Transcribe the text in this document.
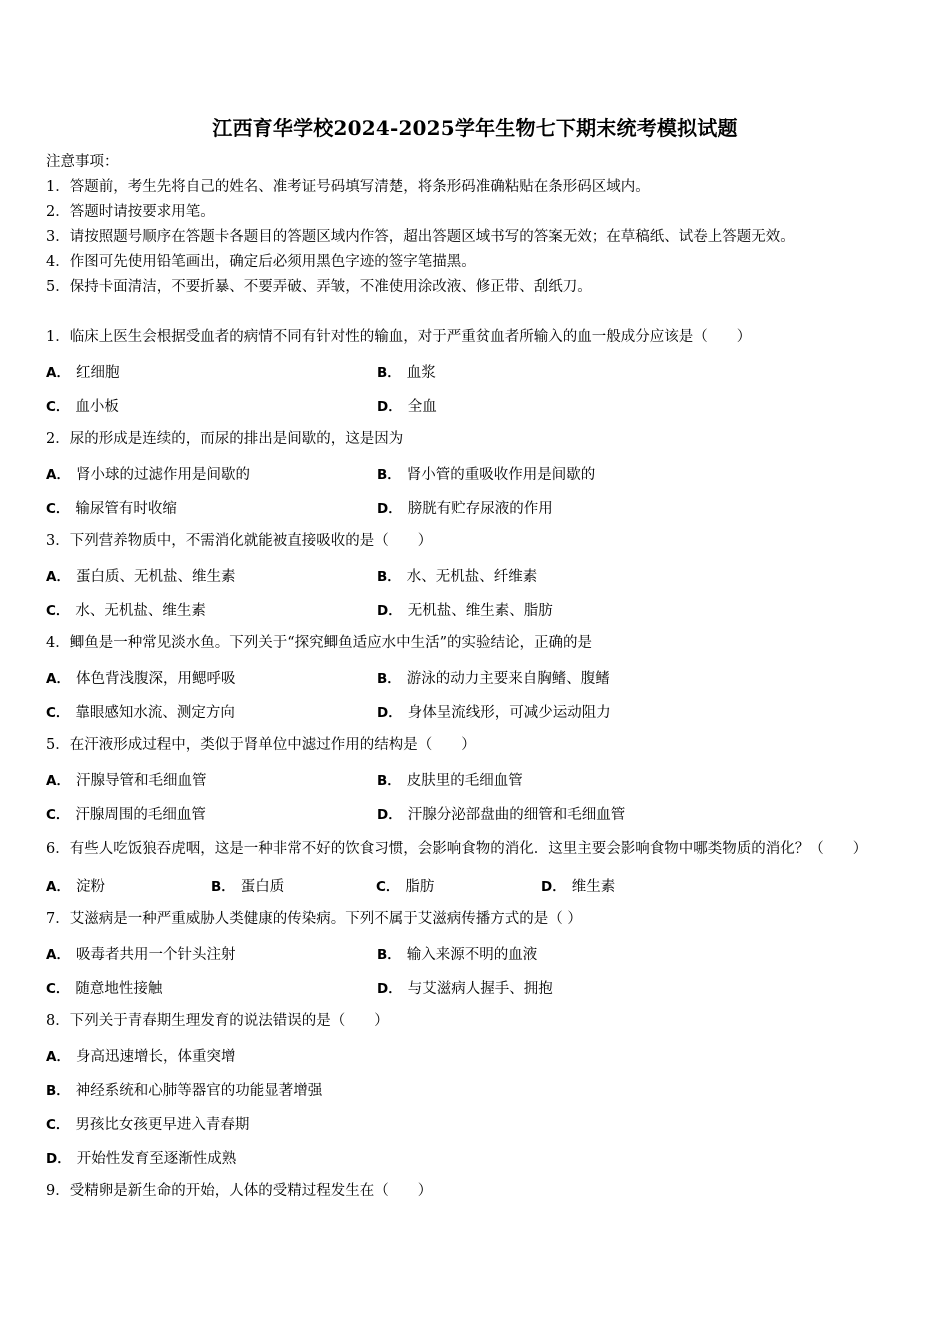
江西育华学校2024-2025学年生物七下期末统考模拟试题
注意事项：
1．答题前，考生先将自己的姓名、准考证号码填写清楚，将条形码准确粘贴在条形码区域内。
2．答题时请按要求用笔。
3．请按照题号顺序在答题卡各题目的答题区域内作答，超出答题区域书写的答案无效；在草稿纸、试卷上答题无效。
4．作图可先使用铅笔画出，确定后必须用黑色字迹的签字笔描黑。
5．保持卡面清洁，不要折暴、不要弄破、弄皱，不准使用涂改液、修正带、刮纸刀。
1．临床上医生会根据受血者的病情不同有针对性的输血，对于严重贫血者所输入的血一般成分应该是（　　）
A． 红细胞	B． 血浆
C． 血小板	D． 全血
2．尿的形成是连续的，而尿的排出是间歇的，这是因为
A． 肾小球的过滤作用是间歇的	B． 肾小管的重吸收作用是间歇的
C． 输尿管有时收缩	D． 膀胱有贮存尿液的作用
3．下列营养物质中，不需消化就能被直接吸收的是（　　）
A． 蛋白质、无机盐、维生素	B． 水、无机盐、纤维素
C． 水、无机盐、维生素	D． 无机盐、维生素、脂肪
4．鲫鱼是一种常见淡水鱼。下列关于“探究鲫鱼适应水中生活”的实验结论，正确的是
A． 体色背浅腹深，用鳃呼吸	B． 游泳的动力主要来自胸鳍、腹鳍
C． 靠眼感知水流、测定方向	D． 身体呈流线形，可减少运动阻力
5．在汗液形成过程中，类似于肾单位中滤过作用的结构是（　　）
A． 汗腺导管和毛细血管	B． 皮肤里的毛细血管
C． 汗腺周围的毛细血管	D． 汗腺分泌部盘曲的细管和毛细血管
6．有些人吃饭狼吞虎咽，这是一种非常不好的饮食习惯，会影响食物的消化．这里主要会影响食物中哪类物质的消化？（　　）
A． 淀粉	B． 蛋白质	C． 脂肪	D． 维生素
7．艾滋病是一种严重威胁人类健康的传染病。下列不属于艾滋病传播方式的是（ ）
A． 吸毒者共用一个针头注射	B． 输入来源不明的血液
C． 随意地性接触	D． 与艾滋病人握手、拥抱
8．下列关于青春期生理发育的说法错误的是（　　）
A． 身高迅速增长，体重突增
B． 神经系统和心肺等器官的功能显著增强
C． 男孩比女孩更早进入青春期
D． 开始性发育至逐渐性成熟
9．受精卵是新生命的开始，人体的受精过程发生在（　　）
